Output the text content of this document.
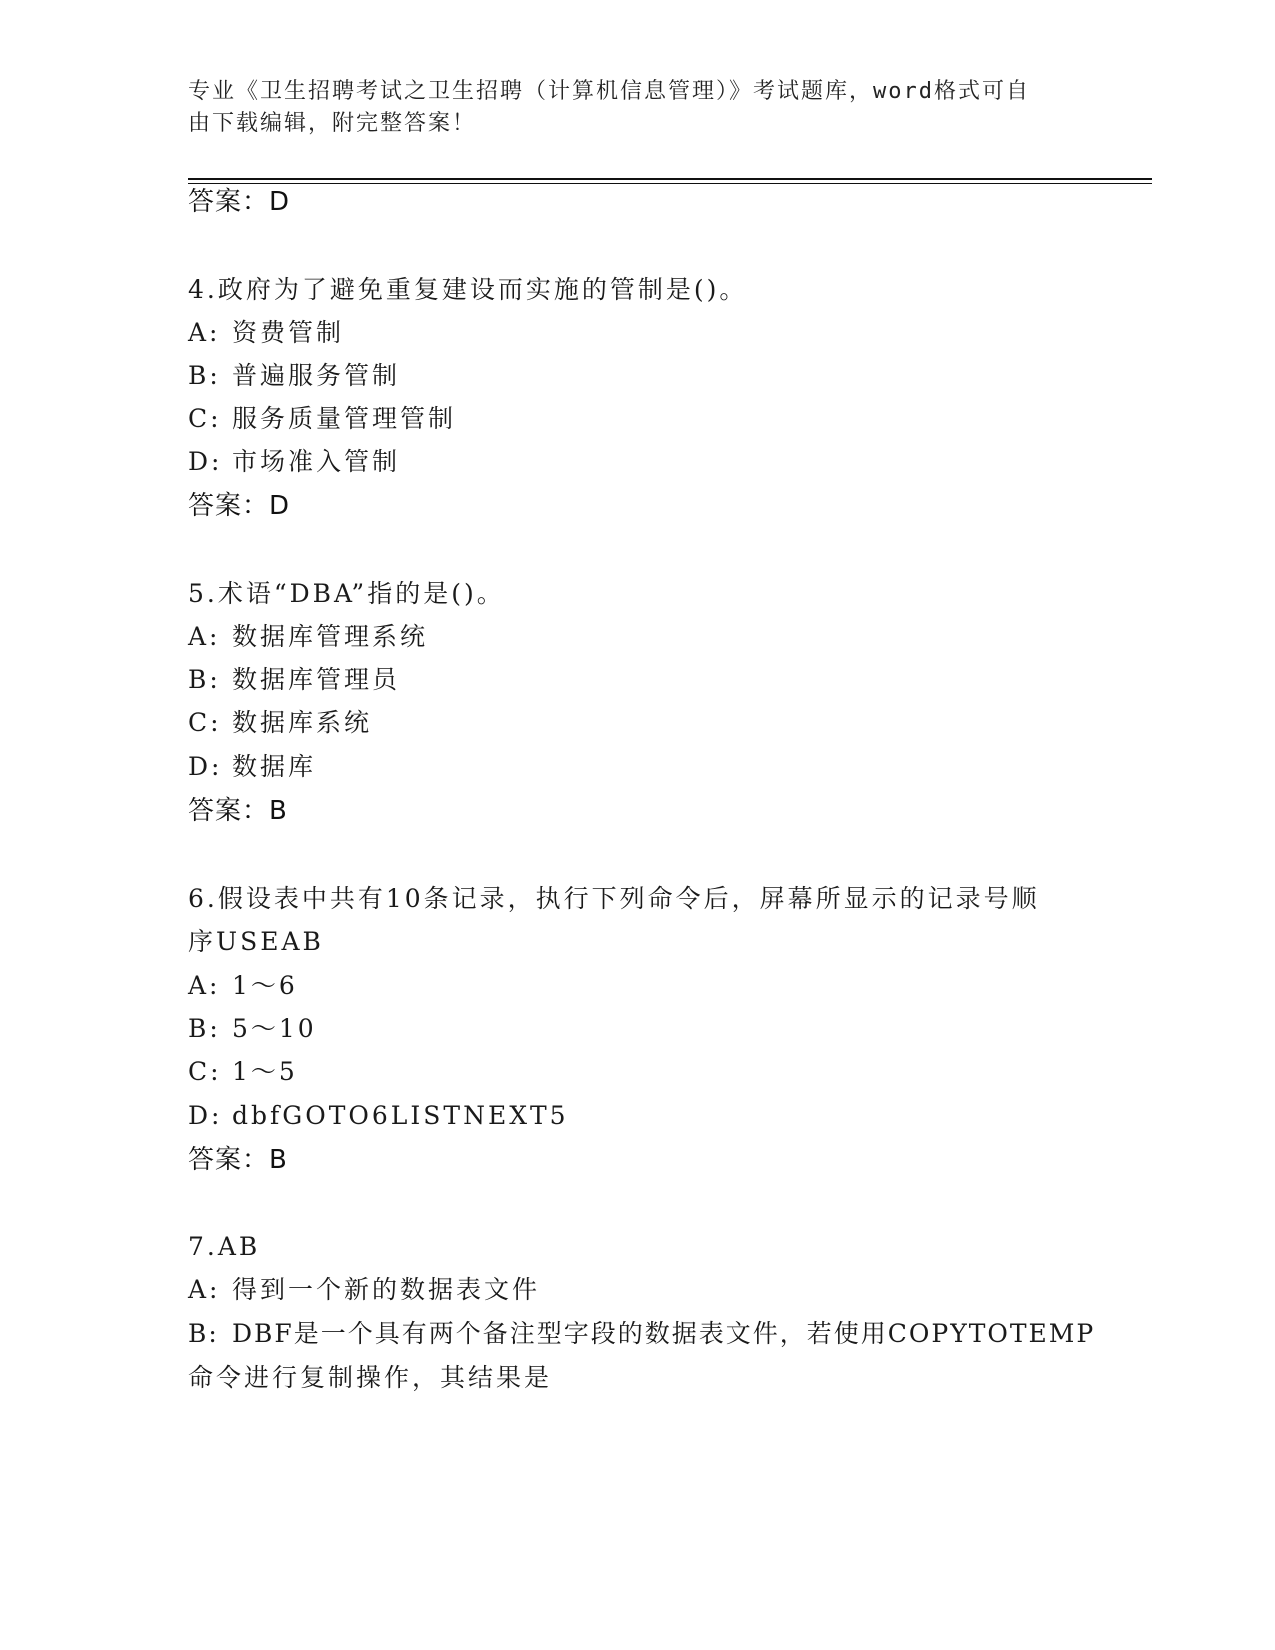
专业《卫生招聘考试之卫生招聘（计算机信息管理）》考试题库，word格式可自
由下载编辑，附完整答案！
答案：D
4.政府为了避免重复建设而实施的管制是()。
A: 资费管制
B: 普遍服务管制
C: 服务质量管理管制
D: 市场准入管制
答案：D
5.术语“DBA”指的是()。
A: 数据库管理系统
B: 数据库管理员
C: 数据库系统
D: 数据库
答案：B
6.假设表中共有10条记录，执行下列命令后，屏幕所显示的记录号顺
序USEAB
A: 1～6
B: 5～10
C: 1～5
D: dbfGOTO6LISTNEXT5
答案：B
7.AB
A: 得到一个新的数据表文件
B: DBF是一个具有两个备注型字段的数据表文件，若使用COPYTOTEMP
命令进行复制操作，其结果是
